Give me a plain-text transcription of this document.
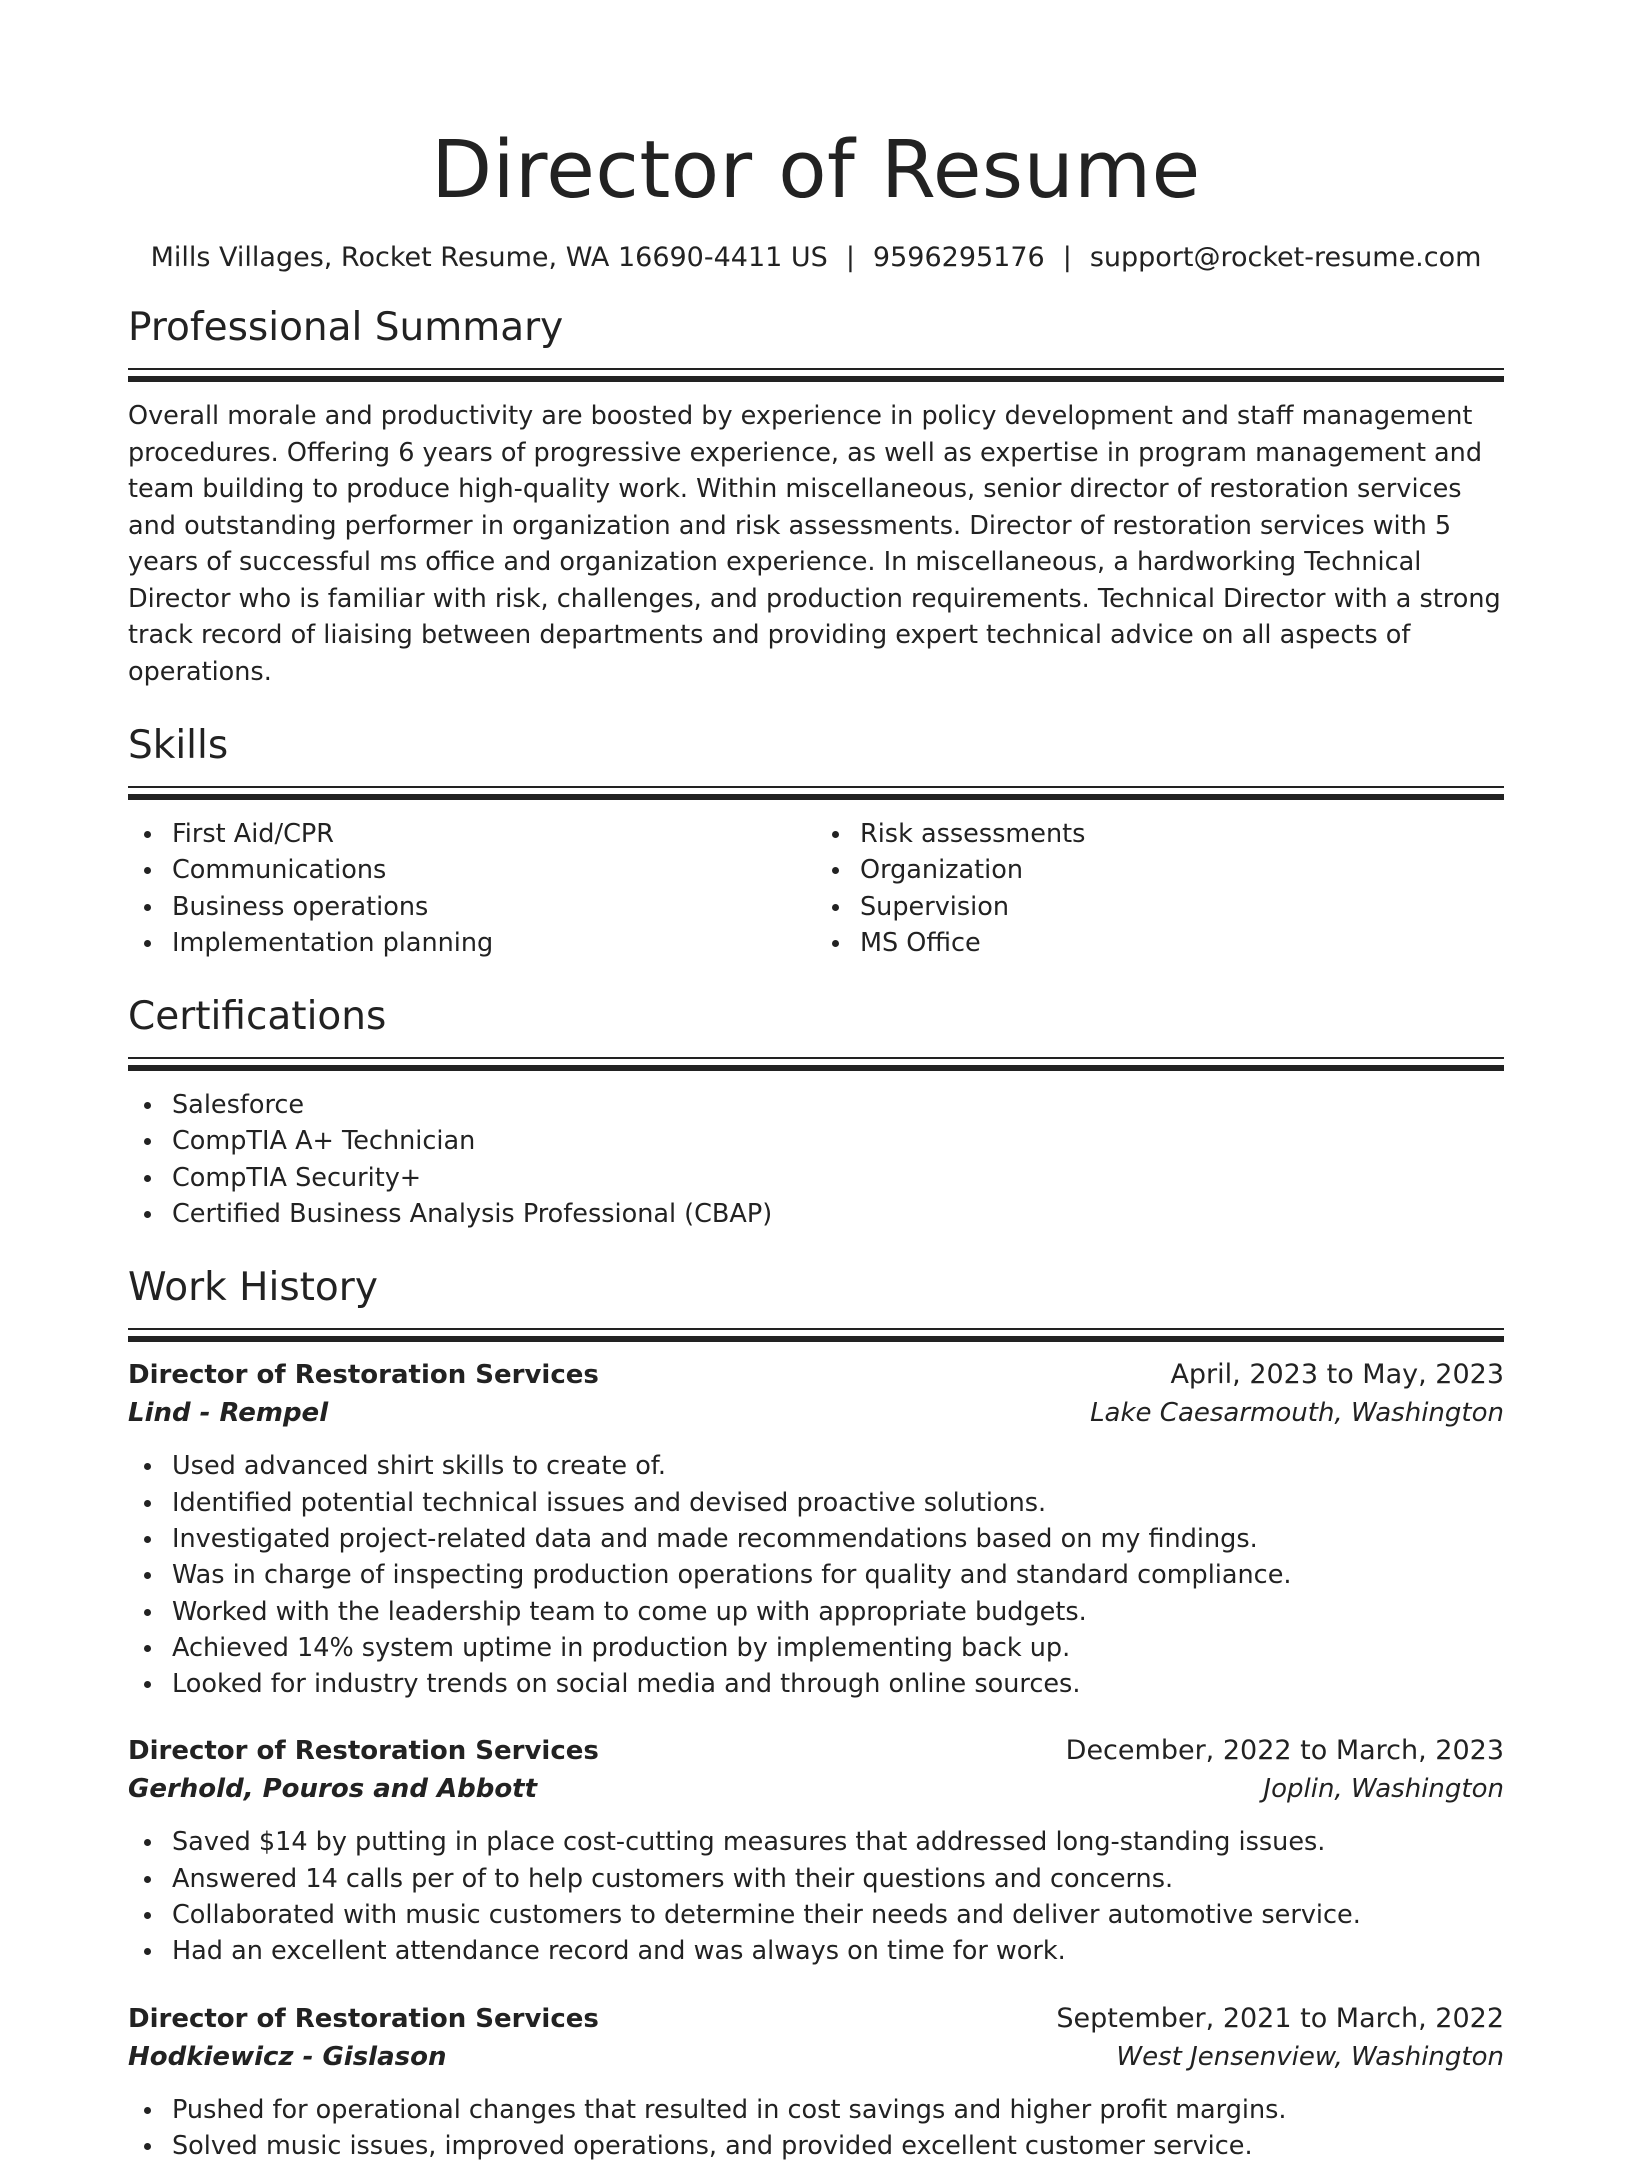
Director of Resume
Mills Villages, Rocket Resume, WA 16690-4411 US | 9596295176 | support@rocket-resume.com
Professional Summary

Overall morale and productivity are boosted by experience in policy development and staff management procedures. Offering 6 years of progressive experience, as well as expertise in program management and team building to produce high-quality work. Within miscellaneous, senior director of restoration services and outstanding performer in organization and risk assessments. Director of restoration services with 5 years of successful ms office and organization experience. In miscellaneous, a hardworking Technical Director who is familiar with risk, challenges, and production requirements. Technical Director with a strong track record of liaising between departments and providing expert technical advice on all aspects of operations.

Skills
First Aid/CPR
Communications
Business operations
Implementation planning
Risk assessments
Organization
Supervision
MS Office
Certifications
Salesforce
CompTIA A+ Technician
CompTIA Security+
Certified Business Analysis Professional (CBAP)
Work History
Director of Restoration Services	April, 2023 to May, 2023
Lind - Rempel	Lake Caesarmouth, Washington
Used advanced shirt skills to create of.
Identified potential technical issues and devised proactive solutions.
Investigated project-related data and made recommendations based on my findings.
Was in charge of inspecting production operations for quality and standard compliance.
Worked with the leadership team to come up with appropriate budgets.
Achieved 14% system uptime in production by implementing back up.
Looked for industry trends on social media and through online sources.
Director of Restoration Services	December, 2022 to March, 2023
Gerhold, Pouros and Abbott	Joplin, Washington
Saved $14 by putting in place cost-cutting measures that addressed long-standing issues.
Answered 14 calls per of to help customers with their questions and concerns.
Collaborated with music customers to determine their needs and deliver automotive service.
Had an excellent attendance record and was always on time for work.
Director of Restoration Services	September, 2021 to March, 2022
Hodkiewicz - Gislason	West Jensenview, Washington
Pushed for operational changes that resulted in cost savings and higher profit margins.
Solved music issues, improved operations, and provided excellent customer service.
